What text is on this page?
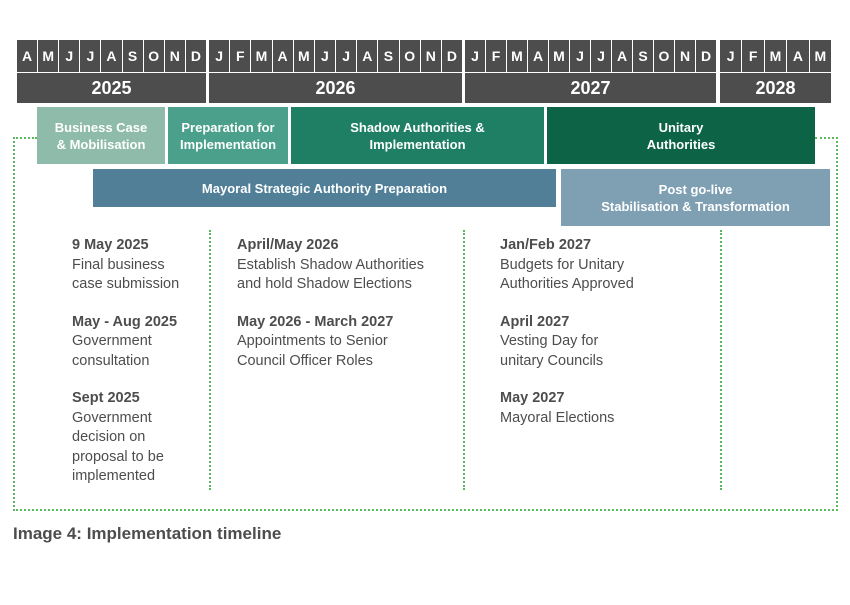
A M J J A S O N D
2025
J F M A M J J A S O N D
2026
J F M A M J J A S O N D
2027
J	F M A M
2028
Business Case
& Mobilisation
Preparation for
Implementation
Shadow Authorities &
Implementation
Unitary
Authorities
Mayoral Strategic Authority Preparation	Post go-live
Stabilisation & Transformation
9 May 2025
Final business
case submission
May - Aug 2025
Government
consultation
Sept 2025
Government
decision on
proposal to be
implemented
April/May 2026
Establish Shadow Authorities
and hold Shadow Elections
May 2026 - March 2027
Appointments to Senior
Council Officer Roles
Jan/Feb 2027
Budgets for Unitary
Authorities Approved
April 2027
Vesting Day for
unitary Councils
May 2027
Mayoral Elections
Image 4: Implementation timeline
